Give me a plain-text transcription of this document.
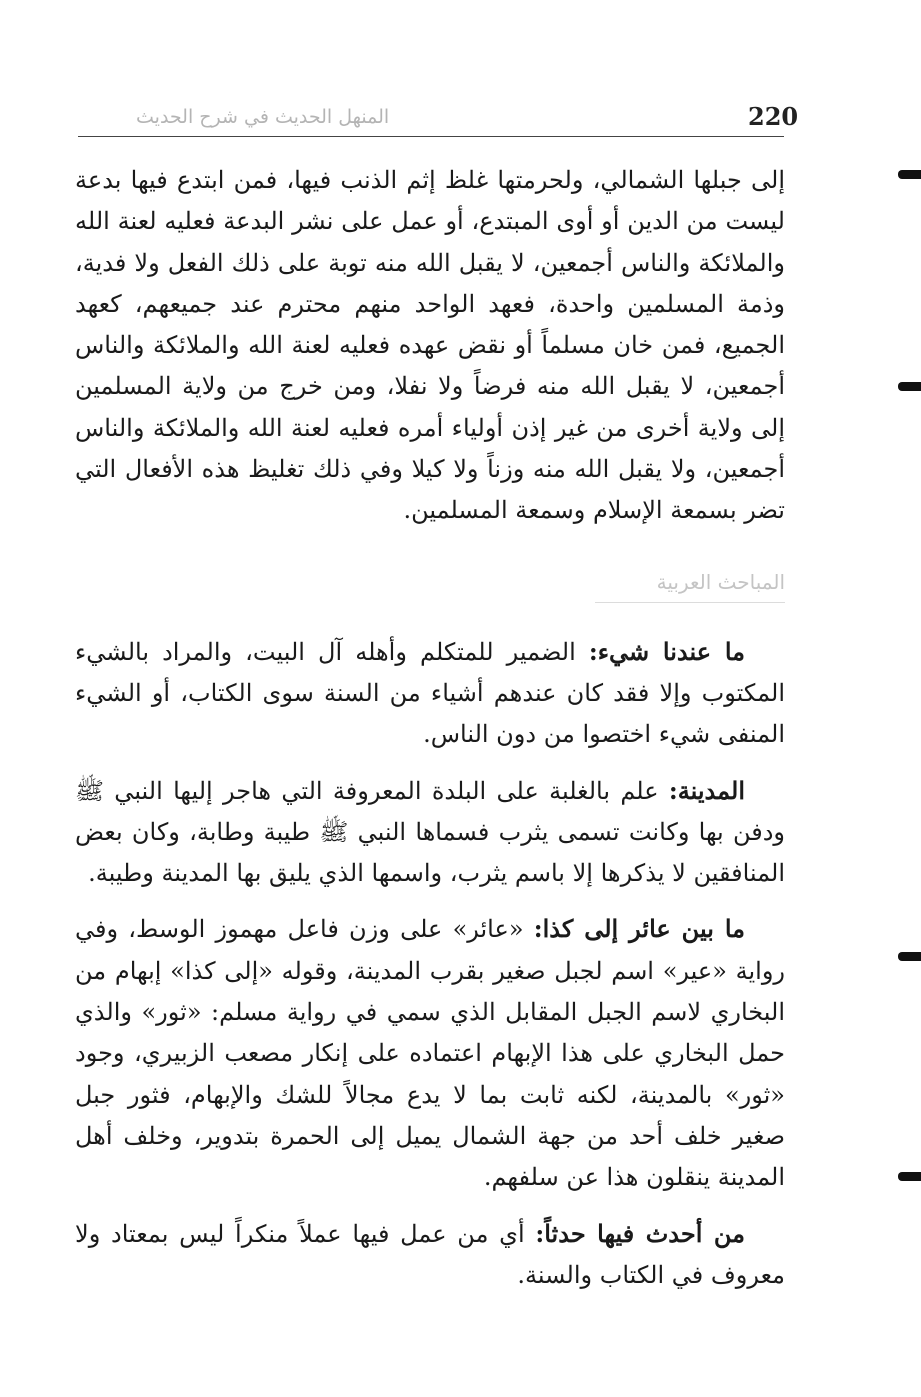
220
المنهل الحديث في شرح الحديث

إلى جبلها الشمالي، ولحرمتها غلظ إثم الذنب فيها، فمن ابتدع فيها بدعة ليست من الدين أو أوى المبتدع، أو عمل على نشر البدعة فعليه لعنة الله والملائكة والناس أجمعين، لا يقبل الله منه توبة على ذلك الفعل ولا فدية، وذمة المسلمين واحدة، فعهد الواحد منهم محترم عند جميعهم، كعهد الجميع، فمن خان مسلماً أو نقض عهده فعليه لعنة الله والملائكة والناس أجمعين، لا يقبل الله منه فرضاً ولا نفلا، ومن خرج من ولاية المسلمين إلى ولاية أخرى من غير إذن أولياء أمره فعليه لعنة الله والملائكة والناس أجمعين، ولا يقبل الله منه وزناً ولا كيلا وفي ذلك تغليظ هذه الأفعال التي تضر بسمعة الإسلام وسمعة المسلمين.

المباحث العربية

ما عندنا شيء: الضمير للمتكلم وأهله آل البيت، والمراد بالشيء المكتوب وإلا فقد كان عندهم أشياء من السنة سوى الكتاب، أو الشيء المنفى شيء اختصوا من دون الناس.

المدينة: علم بالغلبة على البلدة المعروفة التي هاجر إليها النبي ﷺ ودفن بها وكانت تسمى يثرب فسماها النبي ﷺ طيبة وطابة، وكان بعض المنافقين لا يذكرها إلا باسم يثرب، واسمها الذي يليق بها المدينة وطيبة.

ما بين عائر إلى كذا: «عائر» على وزن فاعل مهموز الوسط، وفي رواية «عير» اسم لجبل صغير بقرب المدينة، وقوله «إلى كذا» إبهام من البخاري لاسم الجبل المقابل الذي سمي في رواية مسلم: «ثور» والذي حمل البخاري على هذا الإبهام اعتماده على إنكار مصعب الزبيري، وجود «ثور» بالمدينة، لكنه ثابت بما لا يدع مجالاً للشك والإبهام، فثور جبل صغير خلف أحد من جهة الشمال يميل إلى الحمرة بتدوير، وخلف أهل المدينة ينقلون هذا عن سلفهم.

من أحدث فيها حدثاً: أي من عمل فيها عملاً منكراً ليس بمعتاد ولا معروف في الكتاب والسنة.
